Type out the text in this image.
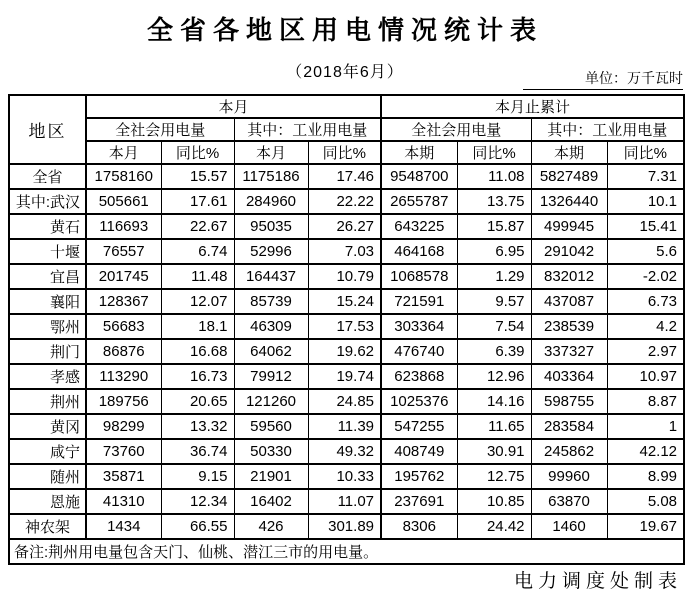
全省各地区用电情况统计表
（2018年6月）	单位：万千瓦时
地区	本月				本月止累计			
	全社会用电量		其中：工业用电量		全社会用电量		其中：工业用电量	
	本月	同比%	本月	同比%	本期	同比%	本期	同比%
全省	1758160	15.57	1175186	17.46	9548700	11.08	5827489	7.31
其中:武汉	505661	17.61	284960	22.22	2655787	13.75	1326440	10.1
黄石	116693	22.67	95035	26.27	643225	15.87	499945	15.41
十堰	76557	6.74	52996	7.03	464168	6.95	291042	5.6
宜昌	201745	11.48	164437	10.79	1068578	1.29	832012	-2.02
襄阳	128367	12.07	85739	15.24	721591	9.57	437087	6.73
鄂州	56683	18.1	46309	17.53	303364	7.54	238539	4.2
荆门	86876	16.68	64062	19.62	476740	6.39	337327	2.97
孝感	113290	16.73	79912	19.74	623868	12.96	403364	10.97
荆州	189756	20.65	121260	24.85	1025376	14.16	598755	8.87
黄冈	98299	13.32	59560	11.39	547255	11.65	283584	1
咸宁	73760	36.74	50330	49.32	408749	30.91	245862	42.12
随州	35871	9.15	21901	10.33	195762	12.75	99960	8.99
恩施	41310	12.34	16402	11.07	237691	10.85	63870	5.08
神农架	1434	66.55	426	301.89	8306	24.42	1460	19.67
备注:荆州用电量包含天门、仙桃、潜江三市的用电量。								
电力调度处制表
